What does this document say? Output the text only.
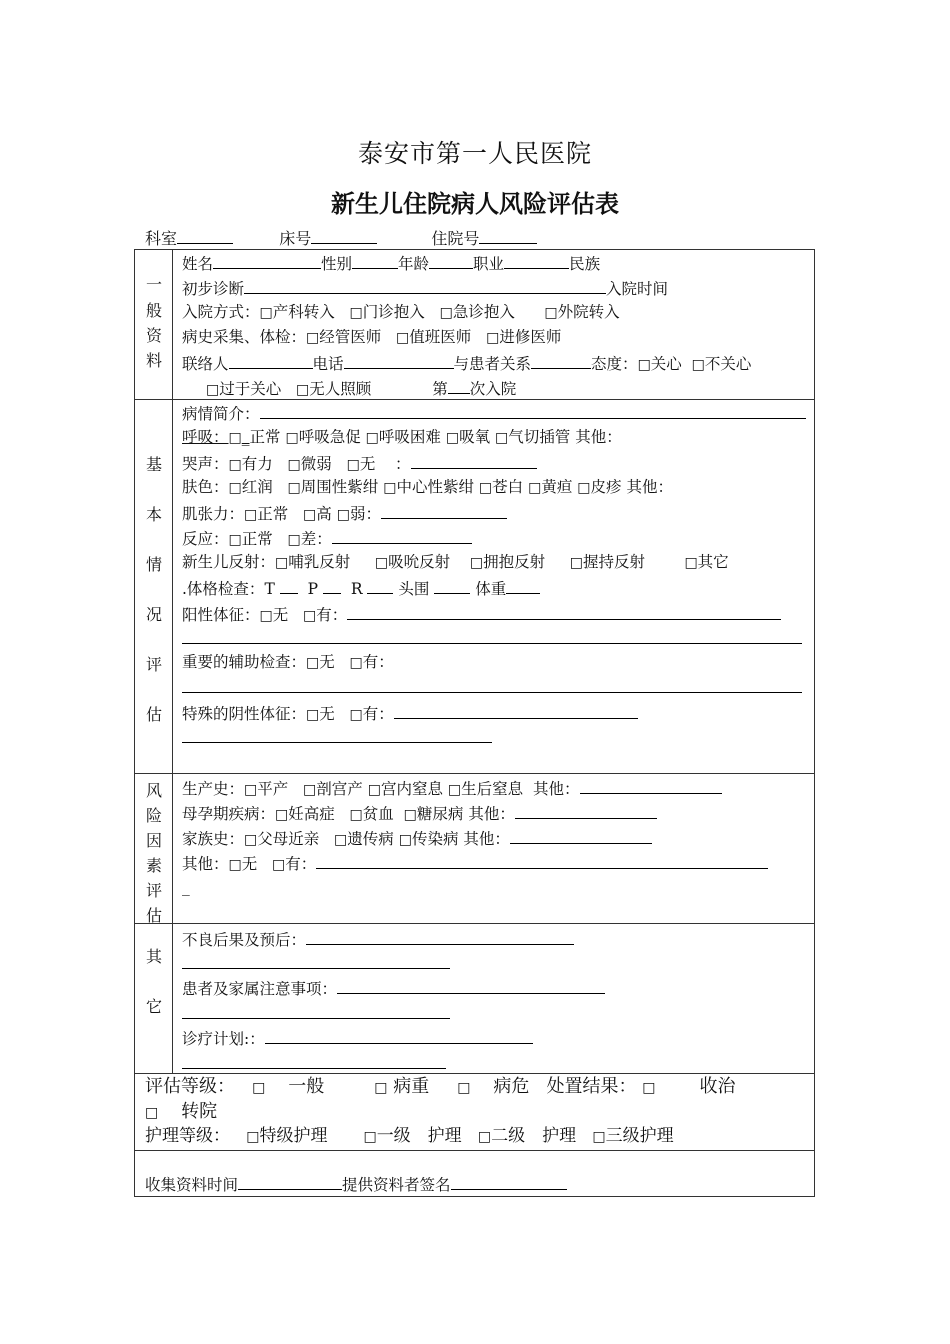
泰安市第一人民医院
新生儿住院病人风险评估表
科室	床号	住院号
一
般
资
料
姓名	性别	年龄	职业	民族
初步诊断	入院时间
入院方式：□产科转入 □门诊抱入 □急诊抱入 □外院转入
病史采集、体检：□经管医师 □值班医师 □进修医师
联络人	电话	与患者关系	态度：□关心 □不关心
□过于关心 □无人照顾	第 次入院
基
本
情
况
评
估
病情简介：
呼吸：□_正常 □呼吸急促 □呼吸困难 □吸氧 □气切插管 其他：
哭声：□有力 □微弱 □无 ：
肤色：□红润 □周围性紫绀 □中心性紫绀 □苍白 □黄疸 □皮疹 其他：
肌张力：□正常 □高 □弱：
反应：□正常 □差：
新生儿反射：□哺乳反射 □吸吮反射 □拥抱反射 □握持反射	□其它
.体格检查：T P R 头围	体重
阳性体征：□无 □有：
重要的辅助检查：□无 □有：
特殊的阴性体征：□无 □有：
风
险
因
素
评
估
生产史：□平产 □剖宫产 □宫内窒息 □生后窒息 其他：
母孕期疾病：□妊高症 □贫血 □糖尿病 其他：
家族史：□父母近亲 □遗传病 □传染病 其他：
其他：□无 □有：
_
其
它
不良后果及预后：
患者及家属注意事项：
诊疗计划:：
评估等级： □ 一般	□ 病重 □ 病危 处置结果： □ 收治
□ 转院
护理等级： □特级护理	□一级　护理 □二级　护理 □三级护理
收集资料时间	提供资料者签名
